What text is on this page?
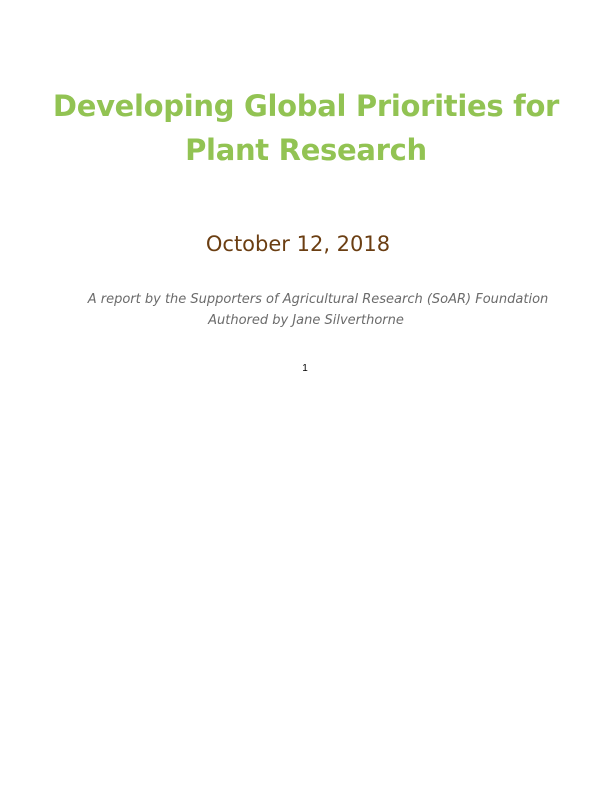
Developing Global Priorities for
Plant Research
October 12, 2018
A report by the Supporters of Agricultural Research (SoAR) Foundation
Authored by Jane Silverthorne
1
